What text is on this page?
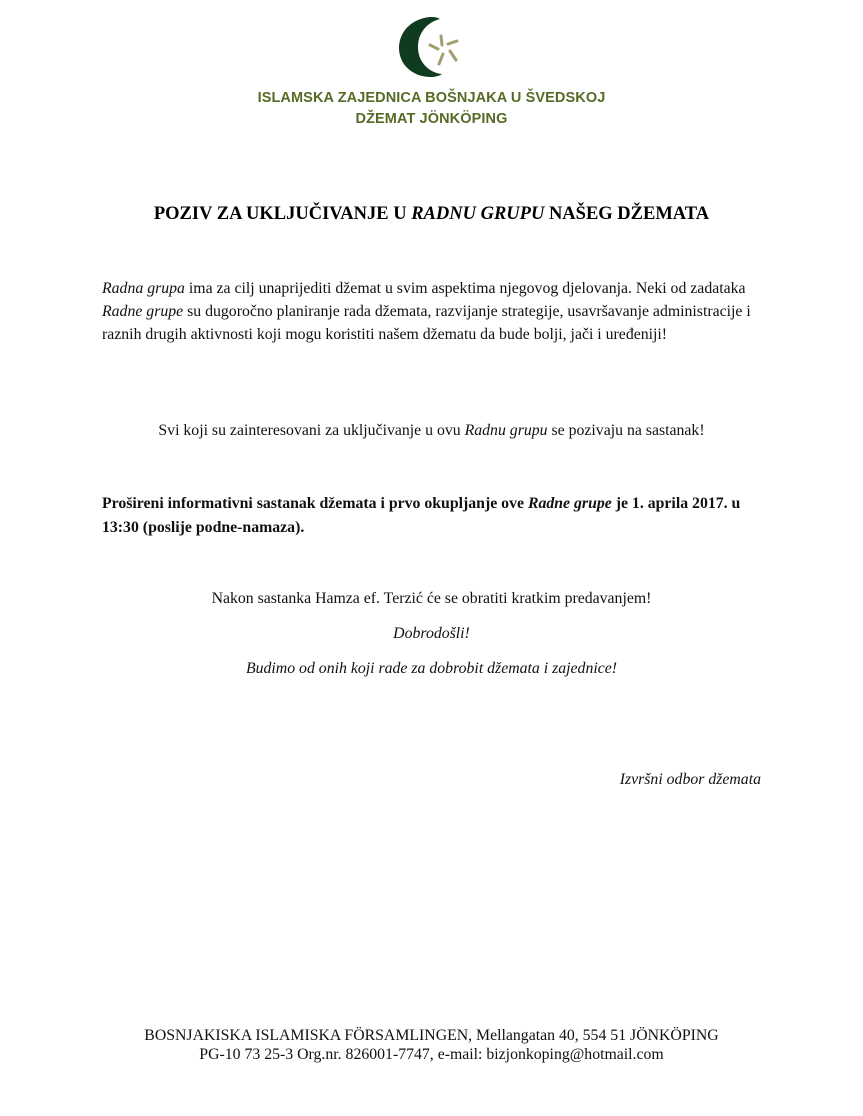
ISLAMSKA ZAJEDNICA BOŠNJAKA U ŠVEDSKOJ
DŽEMAT JÖNKÖPING
POZIV ZA UKLJUČIVANJE U RADNU GRUPU NAŠEG DŽEMATA
Radna grupa ima za cilj unaprijediti džemat u svim aspektima njegovog djelovanja. Neki od zadataka Radne grupe su dugoročno planiranje rada džemata, razvijanje strategije, usavršavanje administracije i raznih drugih aktivnosti koji mogu koristiti našem džematu da bude bolji, jači i uređeniji!
Svi koji su zainteresovani za uključivanje u ovu Radnu grupu se pozivaju na sastanak!
Prošireni informativni sastanak džemata i prvo okupljanje ove Radne grupe je 1. aprila 2017. u 13:30 (poslije podne-namaza).
Nakon sastanka Hamza ef. Terzić će se obratiti kratkim predavanjem!
Dobrodošli!
Budimo od onih koji rade za dobrobit džemata i zajednice!
Izvršni odbor džemata
BOSNJAKISKA ISLAMISKA FÖRSAMLINGEN, Mellangatan 40, 554 51 JÖNKÖPING
PG-10 73 25-3 Org.nr. 826001-7747, e-mail: bizjonkoping@hotmail.com
